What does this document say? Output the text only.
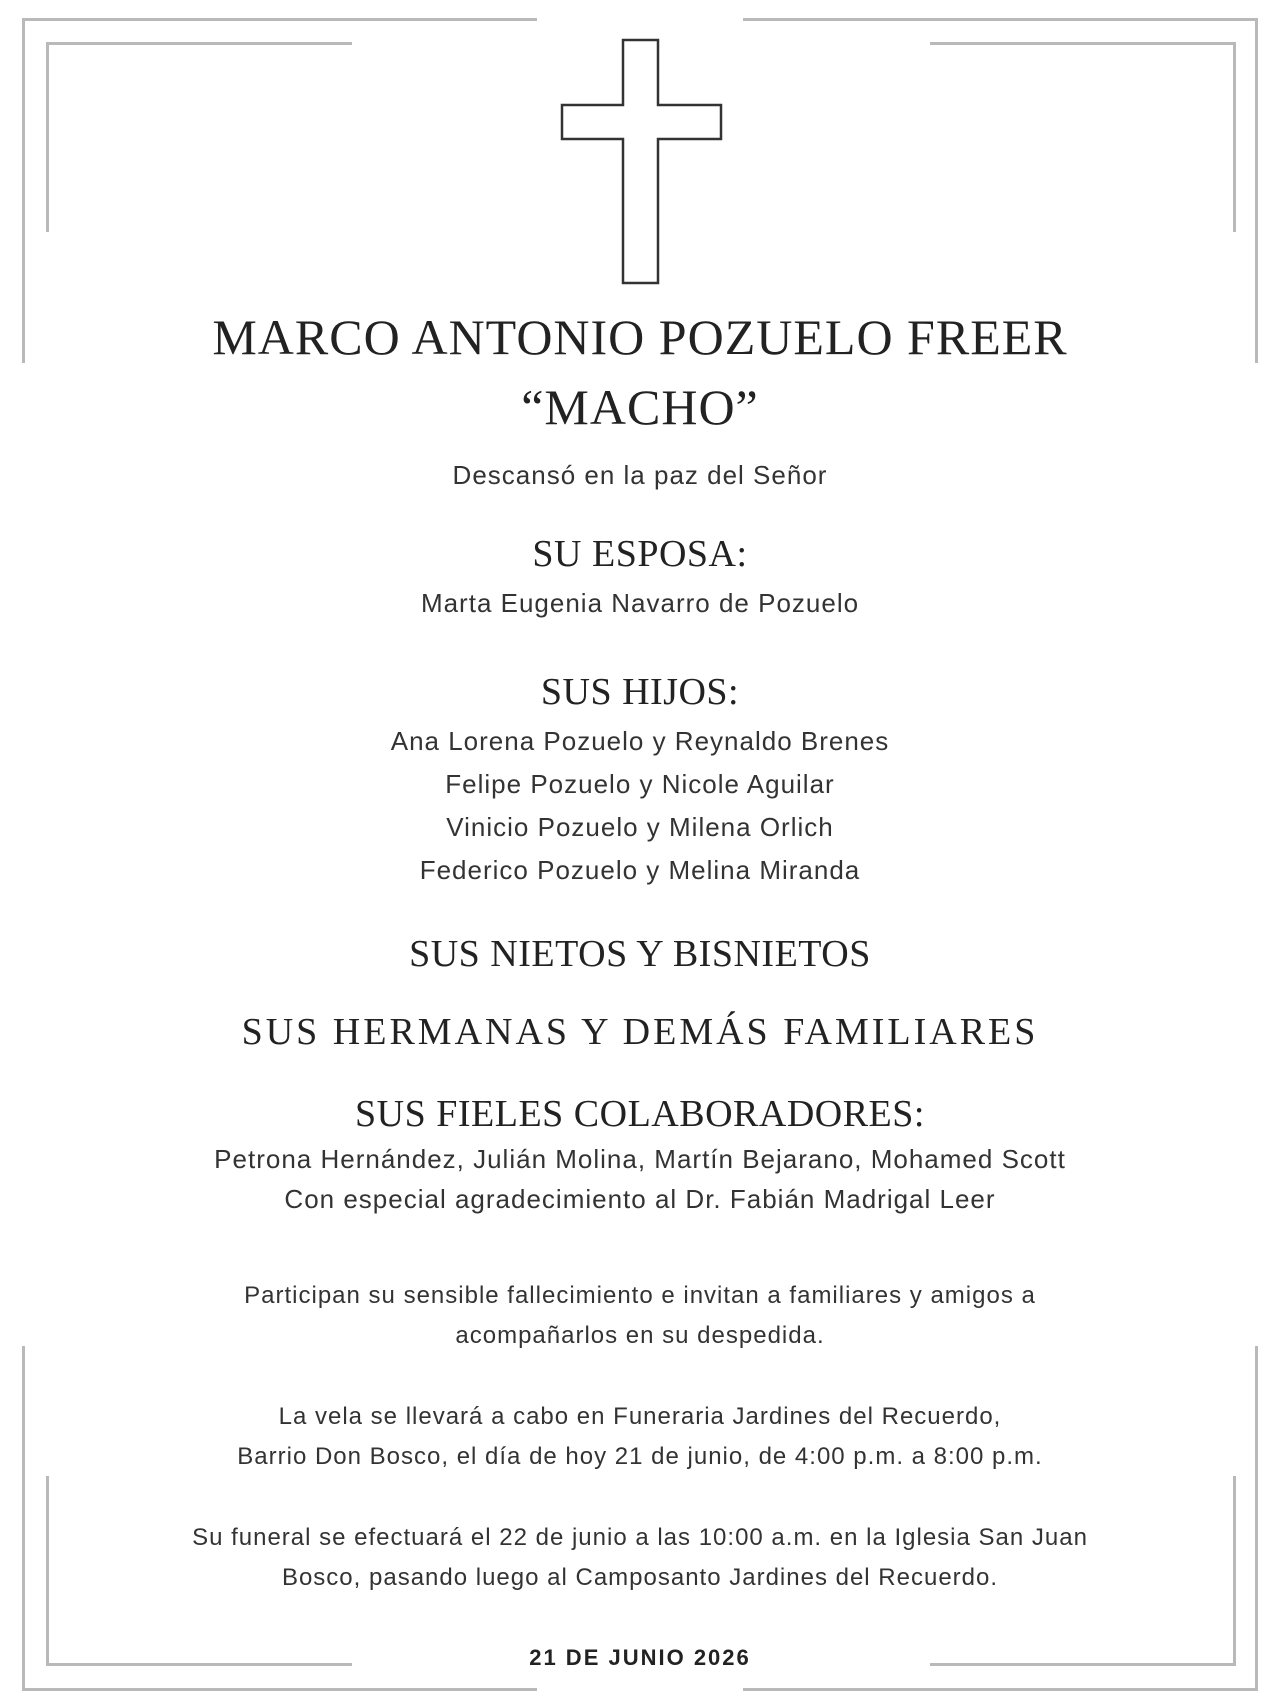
MARCO ANTONIO POZUELO FREER
“MACHO”
Descansó en la paz del Señor
SU ESPOSA:
Marta Eugenia Navarro de Pozuelo
SUS HIJOS:
Ana Lorena Pozuelo y Reynaldo Brenes
Felipe Pozuelo y Nicole Aguilar
Vinicio Pozuelo y Milena Orlich
Federico Pozuelo y Melina Miranda
SUS NIETOS Y BISNIETOS
SUS HERMANAS Y DEMÁS FAMILIARES
SUS FIELES COLABORADORES:
Petrona Hernández, Julián Molina, Martín Bejarano, Mohamed Scott
Con especial agradecimiento al Dr. Fabián Madrigal Leer
Participan su sensible fallecimiento e invitan a familiares y amigos a
acompañarlos en su despedida.
La vela se llevará a cabo en Funeraria Jardines del Recuerdo,
Barrio Don Bosco, el día de hoy 21 de junio, de 4:00 p.m. a 8:00 p.m.
Su funeral se efectuará el 22 de junio a las 10:00 a.m. en la Iglesia San Juan
Bosco, pasando luego al Camposanto Jardines del Recuerdo.
21 DE JUNIO 2026
